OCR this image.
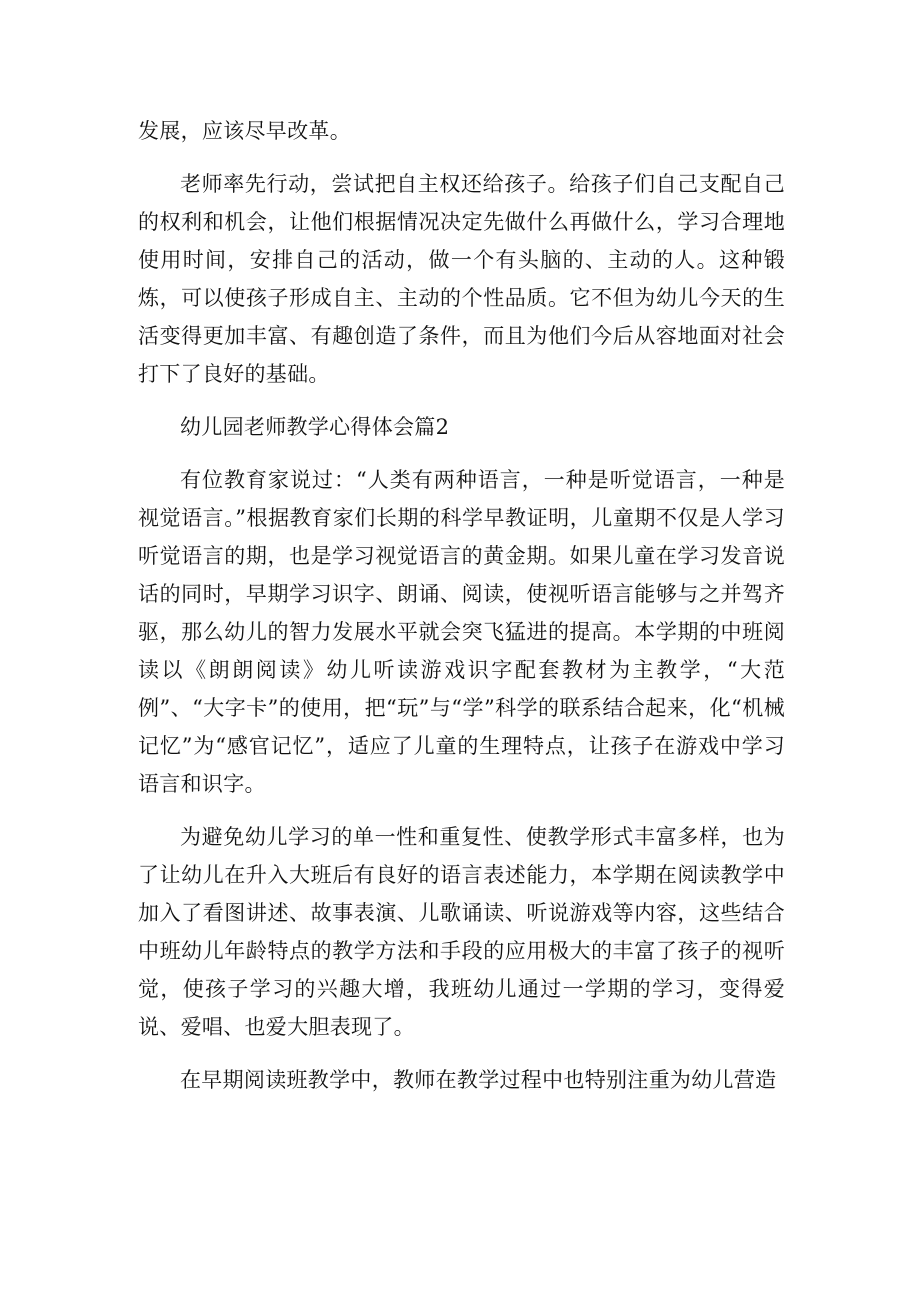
发展，应该尽早改革。

老师率先行动，尝试把自主权还给孩子。给孩子们自己支配自己的权利和机会，让他们根据情况决定先做什么再做什么，学习合理地使用时间，安排自己的活动，做一个有头脑的、主动的人。这种锻炼，可以使孩子形成自主、主动的个性品质。它不但为幼儿今天的生活变得更加丰富、有趣创造了条件，而且为他们今后从容地面对社会打下了良好的基础。

幼儿园老师教学心得体会篇2

有位教育家说过：“人类有两种语言，一种是听觉语言，一种是视觉语言。”根据教育家们长期的科学早教证明，儿童期不仅是人学习听觉语言的期，也是学习视觉语言的黄金期。如果儿童在学习发音说话的同时，早期学习识字、朗诵、阅读，使视听语言能够与之并驾齐驱，那么幼儿的智力发展水平就会突飞猛进的提高。本学期的中班阅读以《朗朗阅读》幼儿听读游戏识字配套教材为主教学，“大范例”、“大字卡”的使用，把“玩”与“学”科学的联系结合起来，化“机械记忆”为“感官记忆”，适应了儿童的生理特点，让孩子在游戏中学习语言和识字。

为避免幼儿学习的单一性和重复性、使教学形式丰富多样，也为了让幼儿在升入大班后有良好的语言表述能力，本学期在阅读教学中加入了看图讲述、故事表演、儿歌诵读、听说游戏等内容，这些结合中班幼儿年龄特点的教学方法和手段的应用极大的丰富了孩子的视听觉，使孩子学习的兴趣大增，我班幼儿通过一学期的学习，变得爱说、爱唱、也爱大胆表现了。

在早期阅读班教学中，教师在教学过程中也特别注重为幼儿营造
